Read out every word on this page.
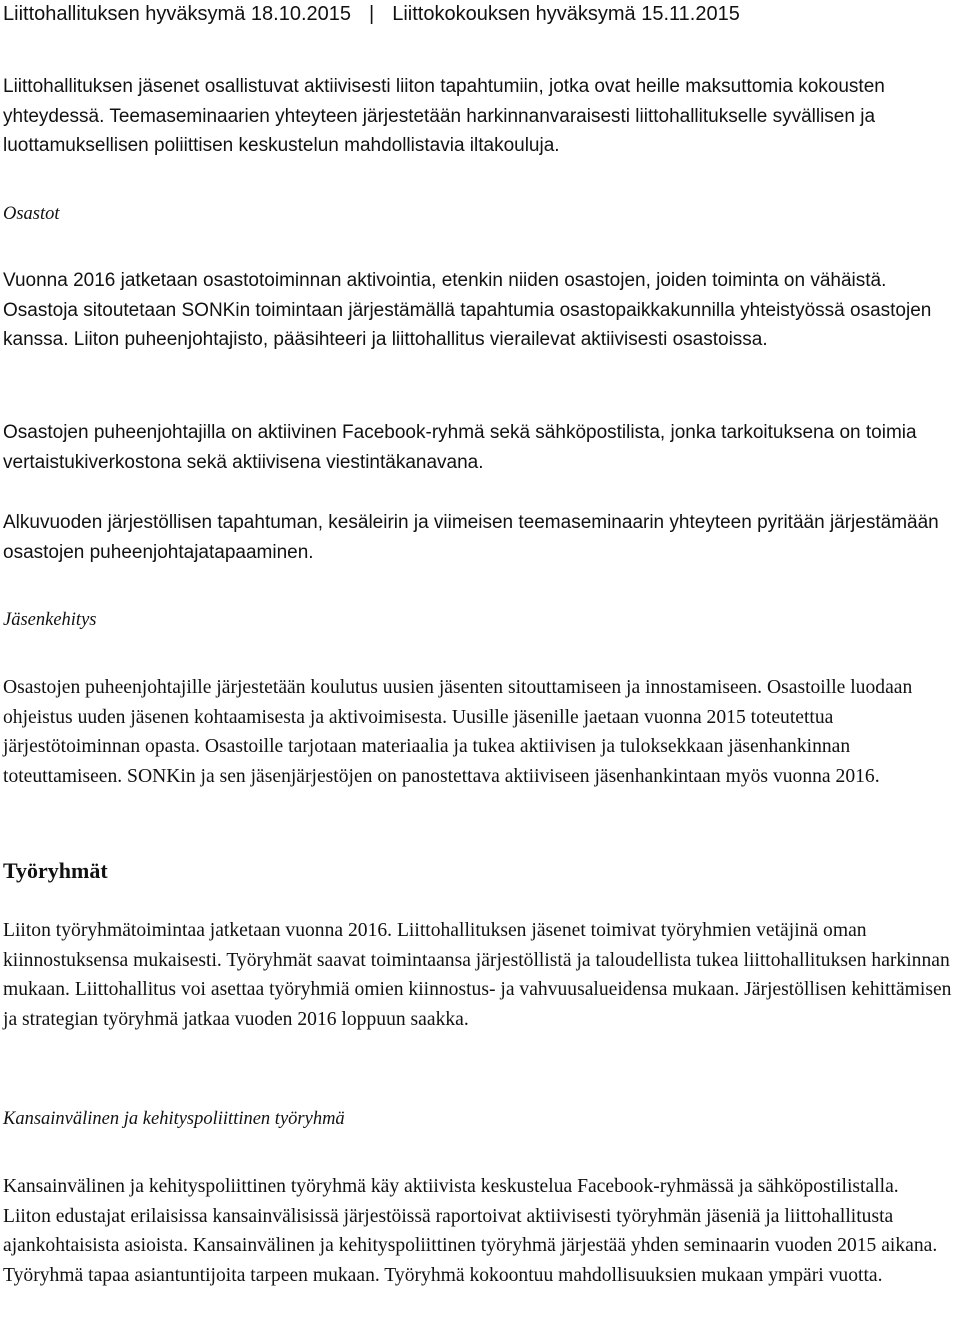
Liittohallituksen hyväksymä 18.10.2015 | Liittokokouksen hyväksymä 15.11.2015

Liittohallituksen jäsenet osallistuvat aktiivisesti liiton tapahtumiin, jotka ovat heille maksuttomia kokousten yhteydessä. Teemaseminaarien yhteyteen järjestetään harkinnanvaraisesti liittohallitukselle syvällisen ja luottamuksellisen poliittisen keskustelun mahdollistavia iltakouluja.

Osastot

Vuonna 2016 jatketaan osastotoiminnan aktivointia, etenkin niiden osastojen, joiden toiminta on vähäistä. Osastoja sitoutetaan SONKin toimintaan järjestämällä tapahtumia osastopaikkakunnilla yhteistyössä osastojen kanssa. Liiton puheenjohtajisto, pääsihteeri ja liittohallitus vierailevat aktiivisesti osastoissa.

Osastojen puheenjohtajilla on aktiivinen Facebook-ryhmä sekä sähköpostilista, jonka tarkoituksena on toimia vertaistukiverkostona sekä aktiivisena viestintäkanavana.

Alkuvuoden järjestöllisen tapahtuman, kesäleirin ja viimeisen teemaseminaarin yhteyteen pyritään järjestämään osastojen puheenjohtajatapaaminen.

Jäsenkehitys

Osastojen puheenjohtajille järjestetään koulutus uusien jäsenten sitouttamiseen ja innostamiseen. Osastoille luodaan ohjeistus uuden jäsenen kohtaamisesta ja aktivoimisesta. Uusille jäsenille jaetaan vuonna 2015 toteutettua järjestötoiminnan opasta. Osastoille tarjotaan materiaalia ja tukea aktiivisen ja tuloksekkaan jäsenhankinnan toteuttamiseen. SONKin ja sen jäsenjärjestöjen on panostettava aktiiviseen jäsenhankintaan myös vuonna 2016.

Työryhmät

Liiton työryhmätoimintaa jatketaan vuonna 2016. Liittohallituksen jäsenet toimivat työryhmien vetäjinä oman kiinnostuksensa mukaisesti. Työryhmät saavat toimintaansa järjestöllistä ja taloudellista tukea liittohallituksen harkinnan mukaan. Liittohallitus voi asettaa työryhmiä omien kiinnostus- ja vahvuusalueidensa mukaan. Järjestöllisen kehittämisen ja strategian työryhmä jatkaa vuoden 2016 loppuun saakka.

Kansainvälinen ja kehityspoliittinen työryhmä

Kansainvälinen ja kehityspoliittinen työryhmä käy aktiivista keskustelua Facebook-ryhmässä ja sähköpostilistalla. Liiton edustajat erilaisissa kansainvälisissä järjestöissä raportoivat aktiivisesti työryhmän jäseniä ja liittohallitusta ajankohtaisista asioista. Kansainvälinen ja kehityspoliittinen työryhmä järjestää yhden seminaarin vuoden 2015 aikana. Työryhmä tapaa asiantuntijoita tarpeen mukaan. Työryhmä kokoontuu mahdollisuuksien mukaan ympäri vuotta.
